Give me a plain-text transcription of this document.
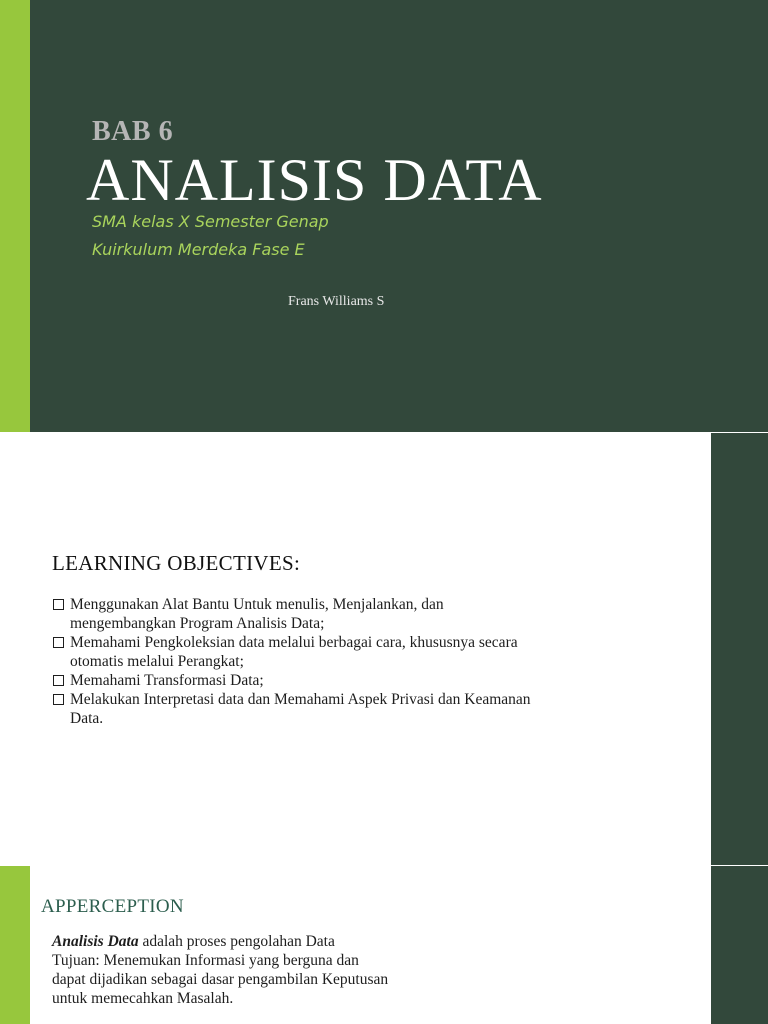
BAB 6
ANALISIS DATA
SMA kelas X Semester Genap
Kuirkulum Merdeka Fase E
Frans Williams S
LEARNING OBJECTIVES:
Menggunakan Alat Bantu Untuk menulis, Menjalankan, dan
mengembangkan Program Analisis Data;
Memahami Pengkoleksian data melalui berbagai cara, khususnya secara
otomatis melalui Perangkat;
Memahami Transformasi Data;
Melakukan Interpretasi data dan Memahami Aspek Privasi dan Keamanan
Data.
APPERCEPTION
Analisis Data adalah proses pengolahan Data
Tujuan: Menemukan Informasi yang berguna dan
dapat dijadikan sebagai dasar pengambilan Keputusan
untuk memecahkan Masalah.
